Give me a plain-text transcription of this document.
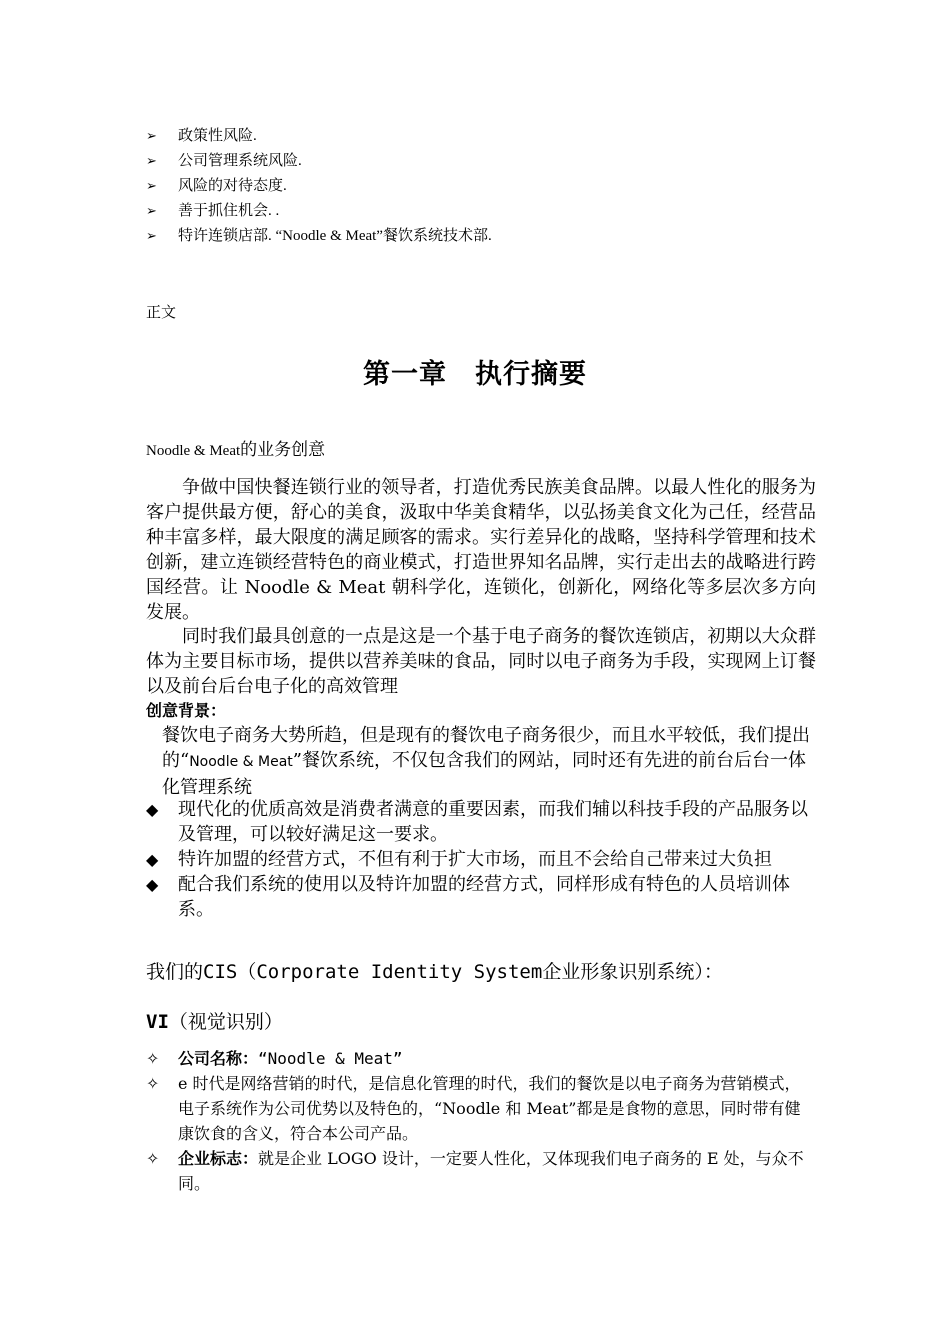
➢	政策性风险.
➢	公司管理系统风险.
➢	风险的对待态度.
➢	善于抓住机会. .
➢	特许连锁店部. “Noodle & Meat”餐饮系统技术部.
正文
第一章　执行摘要
Noodle & Meat的业务创意
争做中国快餐连锁行业的领导者，打造优秀民族美食品牌。以最人性化的服务为客户提供最方便，舒心的美食，汲取中华美食精华，以弘扬美食文化为己任，经营品种丰富多样，最大限度的满足顾客的需求。实行差异化的战略，坚持科学管理和技术创新，建立连锁经营特色的商业模式，打造世界知名品牌，实行走出去的战略进行跨国经营。让 Noodle & Meat 朝科学化，连锁化，创新化，网络化等多层次多方向发展。
同时我们最具创意的一点是这是一个基于电子商务的餐饮连锁店，初期以大众群体为主要目标市场，提供以营养美味的食品，同时以电子商务为手段，实现网上订餐以及前台后台电子化的高效管理
创意背景：
餐饮电子商务大势所趋，但是现有的餐饮电子商务很少，而且水平较低，我们提出的“Noodle & Meat”餐饮系统，不仅包含我们的网站，同时还有先进的前台后台一体化管理系统
◆ 现代化的优质高效是消费者满意的重要因素，而我们辅以科技手段的产品服务以及管理，可以较好满足这一要求。
◆ 特许加盟的经营方式，不但有利于扩大市场，而且不会给自己带来过大负担
◆ 配合我们系统的使用以及特许加盟的经营方式，同样形成有特色的人员培训体系。
我们的CIS（Corporate Identity System企业形象识别系统）：
VI（视觉识别）
✧ 公司名称：“Noodle & Meat”
✧ e 时代是网络营销的时代，是信息化管理的时代，我们的餐饮是以电子商务为营销模式，电子系统作为公司优势以及特色的，“Noodle 和 Meat”都是是食物的意思，同时带有健康饮食的含义，符合本公司产品。
✧ 企业标志：就是企业 LOGO 设计，一定要人性化，又体现我们电子商务的 E 处，与众不同。
